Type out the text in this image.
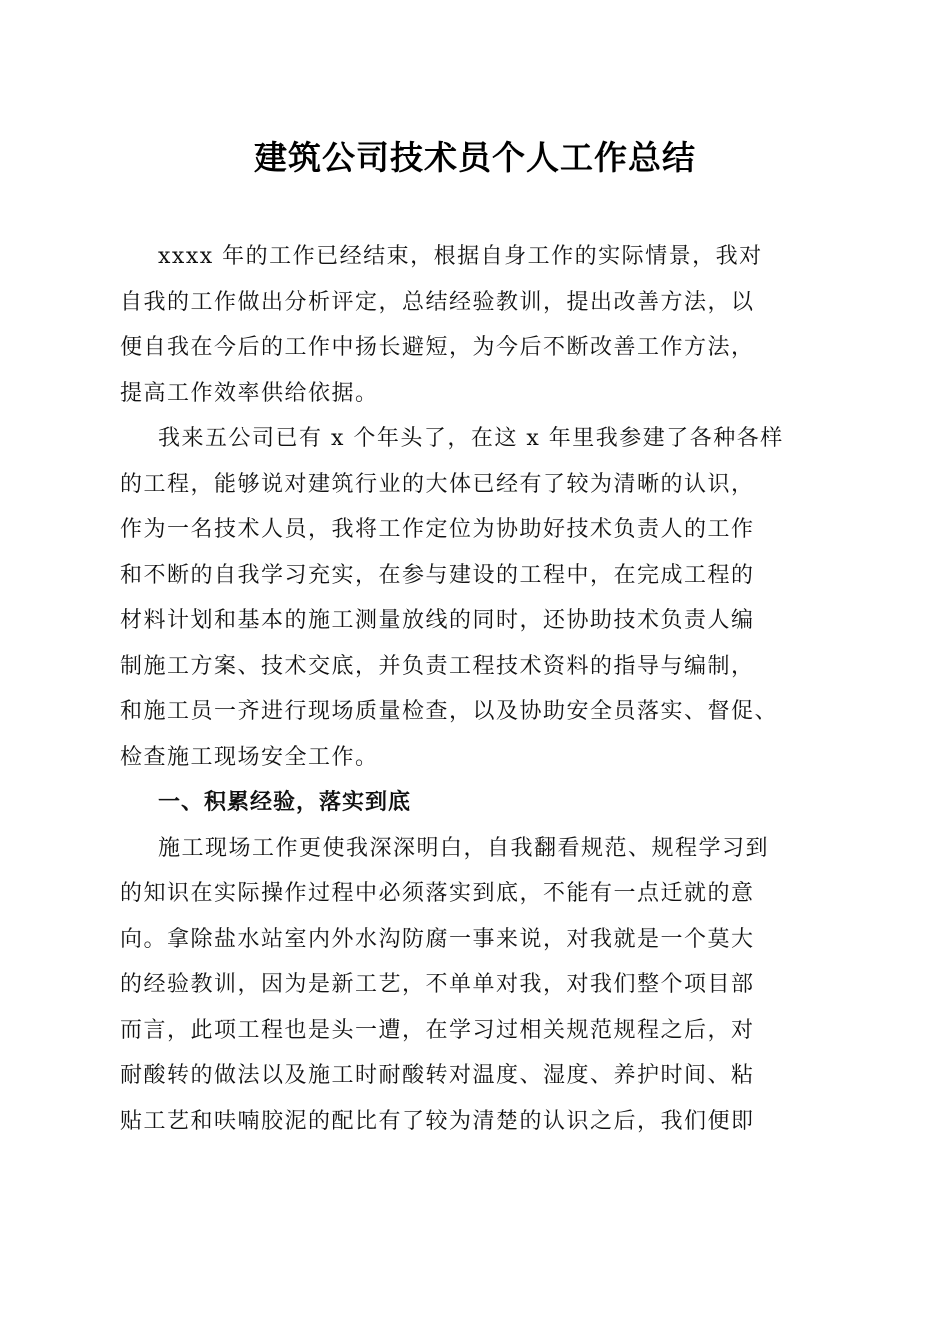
建筑公司技术员个人工作总结
xxxx 年的工作已经结束，根据自身工作的实际情景，我对
自我的工作做出分析评定，总结经验教训，提出改善方法，以
便自我在今后的工作中扬长避短，为今后不断改善工作方法，
提高工作效率供给依据。
我来五公司已有 x 个年头了，在这 x 年里我参建了各种各样
的工程，能够说对建筑行业的大体已经有了较为清晰的认识，
作为一名技术人员，我将工作定位为协助好技术负责人的工作
和不断的自我学习充实，在参与建设的工程中，在完成工程的
材料计划和基本的施工测量放线的同时，还协助技术负责人编
制施工方案、技术交底，并负责工程技术资料的指导与编制，
和施工员一齐进行现场质量检查，以及协助安全员落实、督促、
检查施工现场安全工作。
一、积累经验，落实到底
施工现场工作更使我深深明白，自我翻看规范、规程学习到
的知识在实际操作过程中必须落实到底，不能有一点迁就的意
向。拿除盐水站室内外水沟防腐一事来说，对我就是一个莫大
的经验教训，因为是新工艺，不单单对我，对我们整个项目部
而言，此项工程也是头一遭，在学习过相关规范规程之后，对
耐酸转的做法以及施工时耐酸转对温度、湿度、养护时间、粘
贴工艺和呋喃胶泥的配比有了较为清楚的认识之后，我们便即
